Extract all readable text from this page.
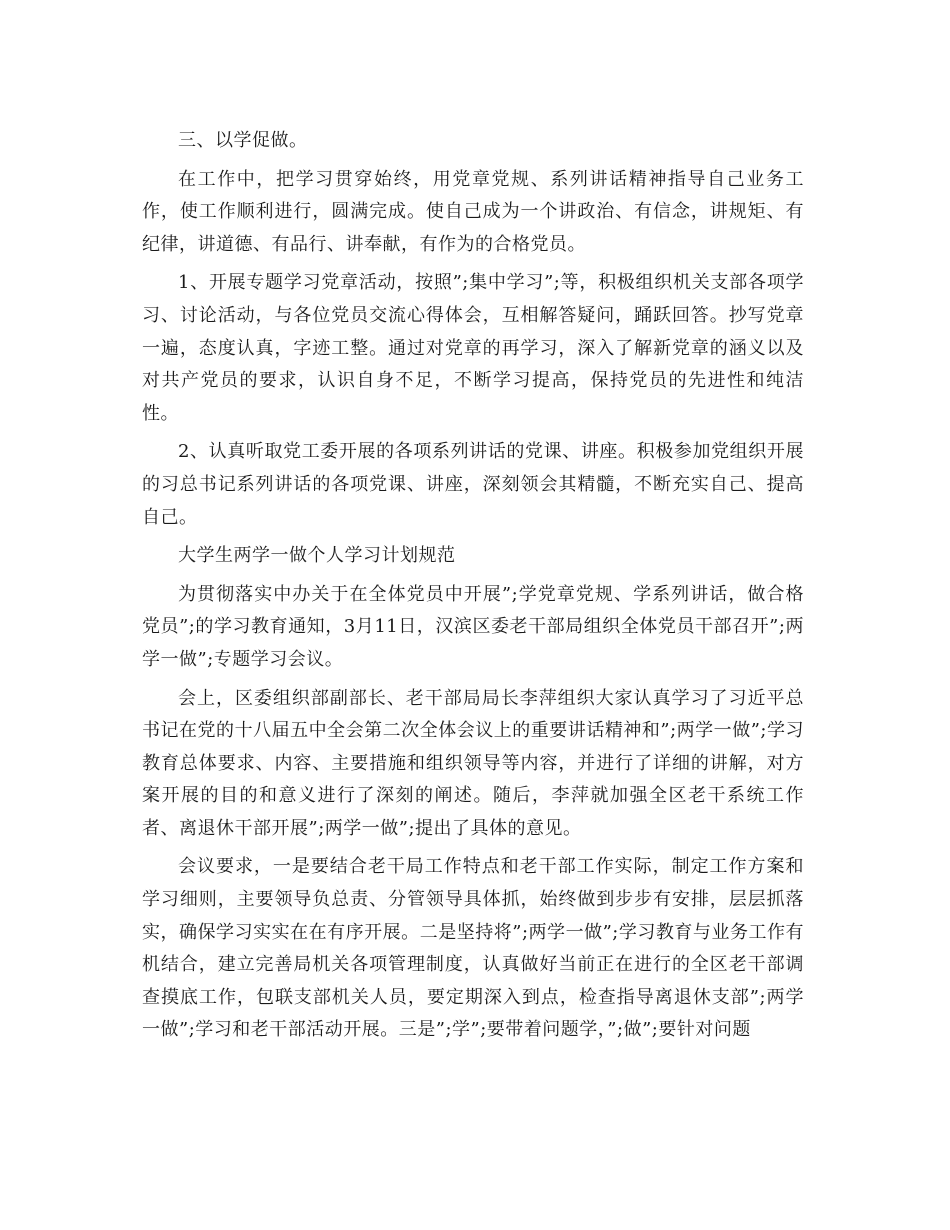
三、以学促做。

在工作中，把学习贯穿始终，用党章党规、系列讲话精神指导自己业务工作，使工作顺利进行，圆满完成。使自己成为一个讲政治、有信念，讲规矩、有纪律，讲道德、有品行、讲奉献，有作为的合格党员。

1、开展专题学习党章活动，按照”;集中学习”;等，积极组织机关支部各项学习、讨论活动，与各位党员交流心得体会，互相解答疑问，踊跃回答。抄写党章一遍，态度认真，字迹工整。通过对党章的再学习，深入了解新党章的涵义以及对共产党员的要求，认识自身不足，不断学习提高，保持党员的先进性和纯洁性。

2、认真听取党工委开展的各项系列讲话的党课、讲座。积极参加党组织开展的习总书记系列讲话的各项党课、讲座，深刻领会其精髓，不断充实自己、提高自己。

大学生两学一做个人学习计划规范

为贯彻落实中办关于在全体党员中开展”;学党章党规、学系列讲话，做合格党员”;的学习教育通知，3月11日，汉滨区委老干部局组织全体党员干部召开”;两学一做”;专题学习会议。

会上，区委组织部副部长、老干部局局长李萍组织大家认真学习了习近平总书记在党的十八届五中全会第二次全体会议上的重要讲话精神和”;两学一做”;学习教育总体要求、内容、主要措施和组织领导等内容，并进行了详细的讲解，对方案开展的目的和意义进行了深刻的阐述。随后，李萍就加强全区老干系统工作者、离退休干部开展”;两学一做”;提出了具体的意见。

会议要求，一是要结合老干局工作特点和老干部工作实际，制定工作方案和学习细则，主要领导负总责、分管领导具体抓，始终做到步步有安排，层层抓落实，确保学习实实在在有序开展。二是坚持将”;两学一做”;学习教育与业务工作有机结合，建立完善局机关各项管理制度，认真做好当前正在进行的全区老干部调查摸底工作，包联支部机关人员，要定期深入到点，检查指导离退休支部”;两学一做”;学习和老干部活动开展。三是”;学”;要带着问题学，”;做”;要针对问题
